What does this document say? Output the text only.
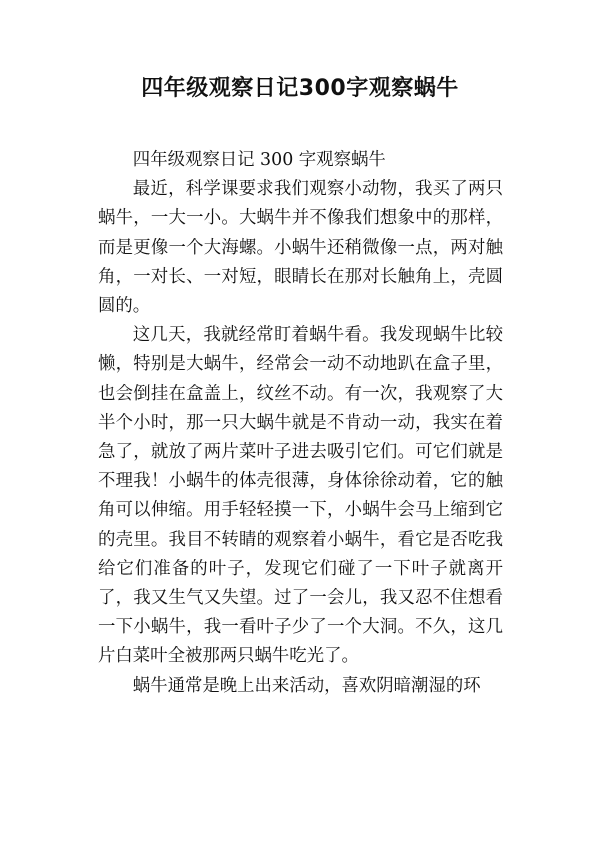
四年级观察日记300字观察蜗牛

四年级观察日记 300 字观察蜗牛

最近，科学课要求我们观察小动物，我买了两只蜗牛，一大一小。大蜗牛并不像我们想象中的那样，而是更像一个大海螺。小蜗牛还稍微像一点，两对触角，一对长、一对短，眼睛长在那对长触角上，壳圆圆的。

这几天，我就经常盯着蜗牛看。我发现蜗牛比较懒，特别是大蜗牛，经常会一动不动地趴在盒子里，也会倒挂在盒盖上，纹丝不动。有一次，我观察了大半个小时，那一只大蜗牛就是不肯动一动，我实在着急了，就放了两片菜叶子进去吸引它们。可它们就是不理我！小蜗牛的体壳很薄，身体徐徐动着，它的触角可以伸缩。用手轻轻摸一下，小蜗牛会马上缩到它的壳里。我目不转睛的观察着小蜗牛，看它是否吃我给它们准备的叶子，发现它们碰了一下叶子就离开了，我又生气又失望。过了一会儿，我又忍不住想看一下小蜗牛，我一看叶子少了一个大洞。不久，这几片白菜叶全被那两只蜗牛吃光了。

蜗牛通常是晚上出来活动，喜欢阴暗潮湿的环
